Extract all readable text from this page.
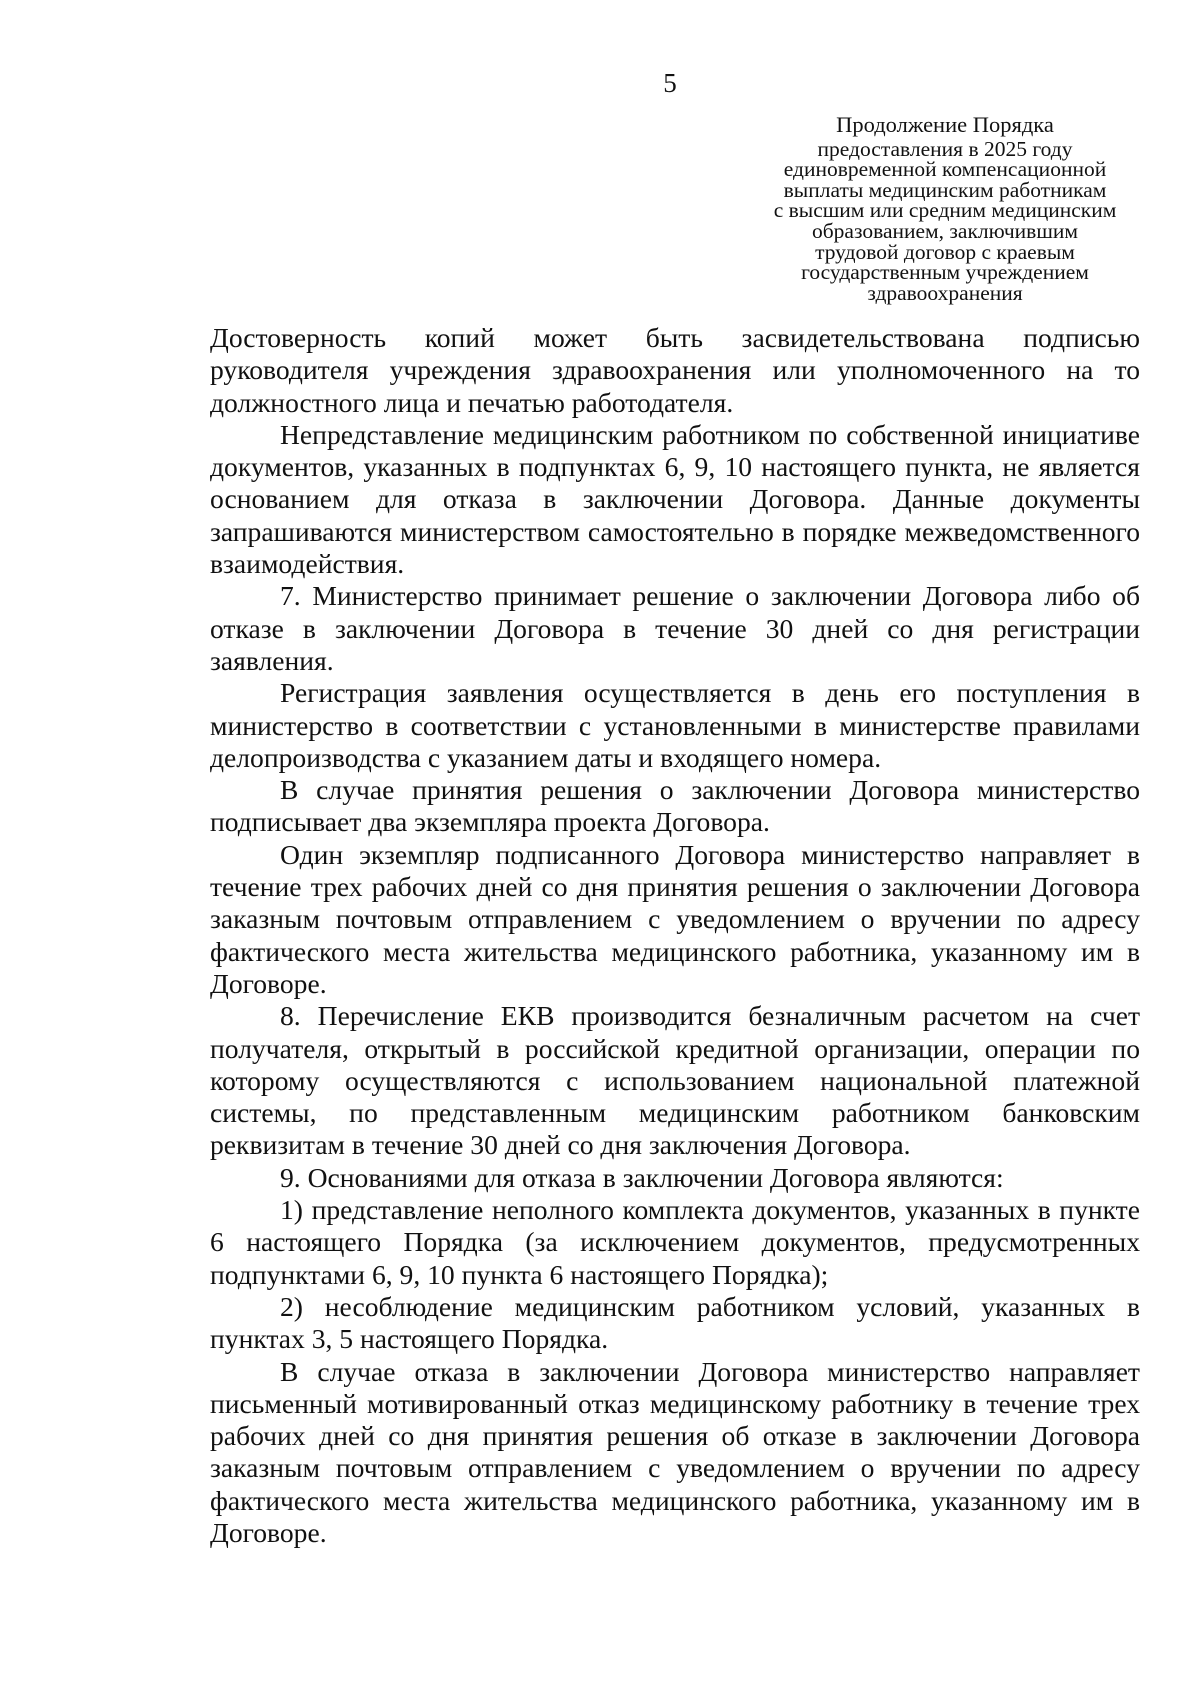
5
Продолжение Порядка
предоставления в 2025 году
единовременной компенсационной
выплаты медицинским работникам
с высшим или средним медицинским
образованием, заключившим
трудовой договор с краевым
государственным учреждением
здравоохранения

Достоверность копий может быть засвидетельствована подписью руководителя учреждения здравоохранения или уполномоченного на то должностного лица и печатью работодателя.

Непредставление медицинским работником по собственной инициативе документов, указанных в подпунктах 6, 9, 10 настоящего пункта, не является основанием для отказа в заключении Договора. Данные документы запрашиваются министерством самостоятельно в порядке межведомственного взаимодействия.

7. Министерство принимает решение о заключении Договора либо об отказе в заключении Договора в течение 30 дней со дня регистрации заявления.

Регистрация заявления осуществляется в день его поступления в министерство в соответствии с установленными в министерстве правилами делопроизводства с указанием даты и входящего номера.

В случае принятия решения о заключении Договора министерство подписывает два экземпляра проекта Договора.

Один экземпляр подписанного Договора министерство направляет в течение трех рабочих дней со дня принятия решения о заключении Договора заказным почтовым отправлением с уведомлением о вручении по адресу фактического места жительства медицинского работника, указанному им в Договоре.

8. Перечисление ЕКВ производится безналичным расчетом на счет получателя, открытый в российской кредитной организации, операции по которому осуществляются с использованием национальной платежной системы, по представленным медицинским работником банковским реквизитам в течение 30 дней со дня заключения Договора.

9. Основаниями для отказа в заключении Договора являются:

1) представление неполного комплекта документов, указанных в пункте 6 настоящего Порядка (за исключением документов, предусмотренных подпунктами 6, 9, 10 пункта 6 настоящего Порядка);

2) несоблюдение медицинским работником условий, указанных в пунктах 3, 5 настоящего Порядка.

В случае отказа в заключении Договора министерство направляет письменный мотивированный отказ медицинскому работнику в течение трех рабочих дней со дня принятия решения об отказе в заключении Договора заказным почтовым отправлением с уведомлением о вручении по адресу фактического места жительства медицинского работника, указанному им в Договоре.
